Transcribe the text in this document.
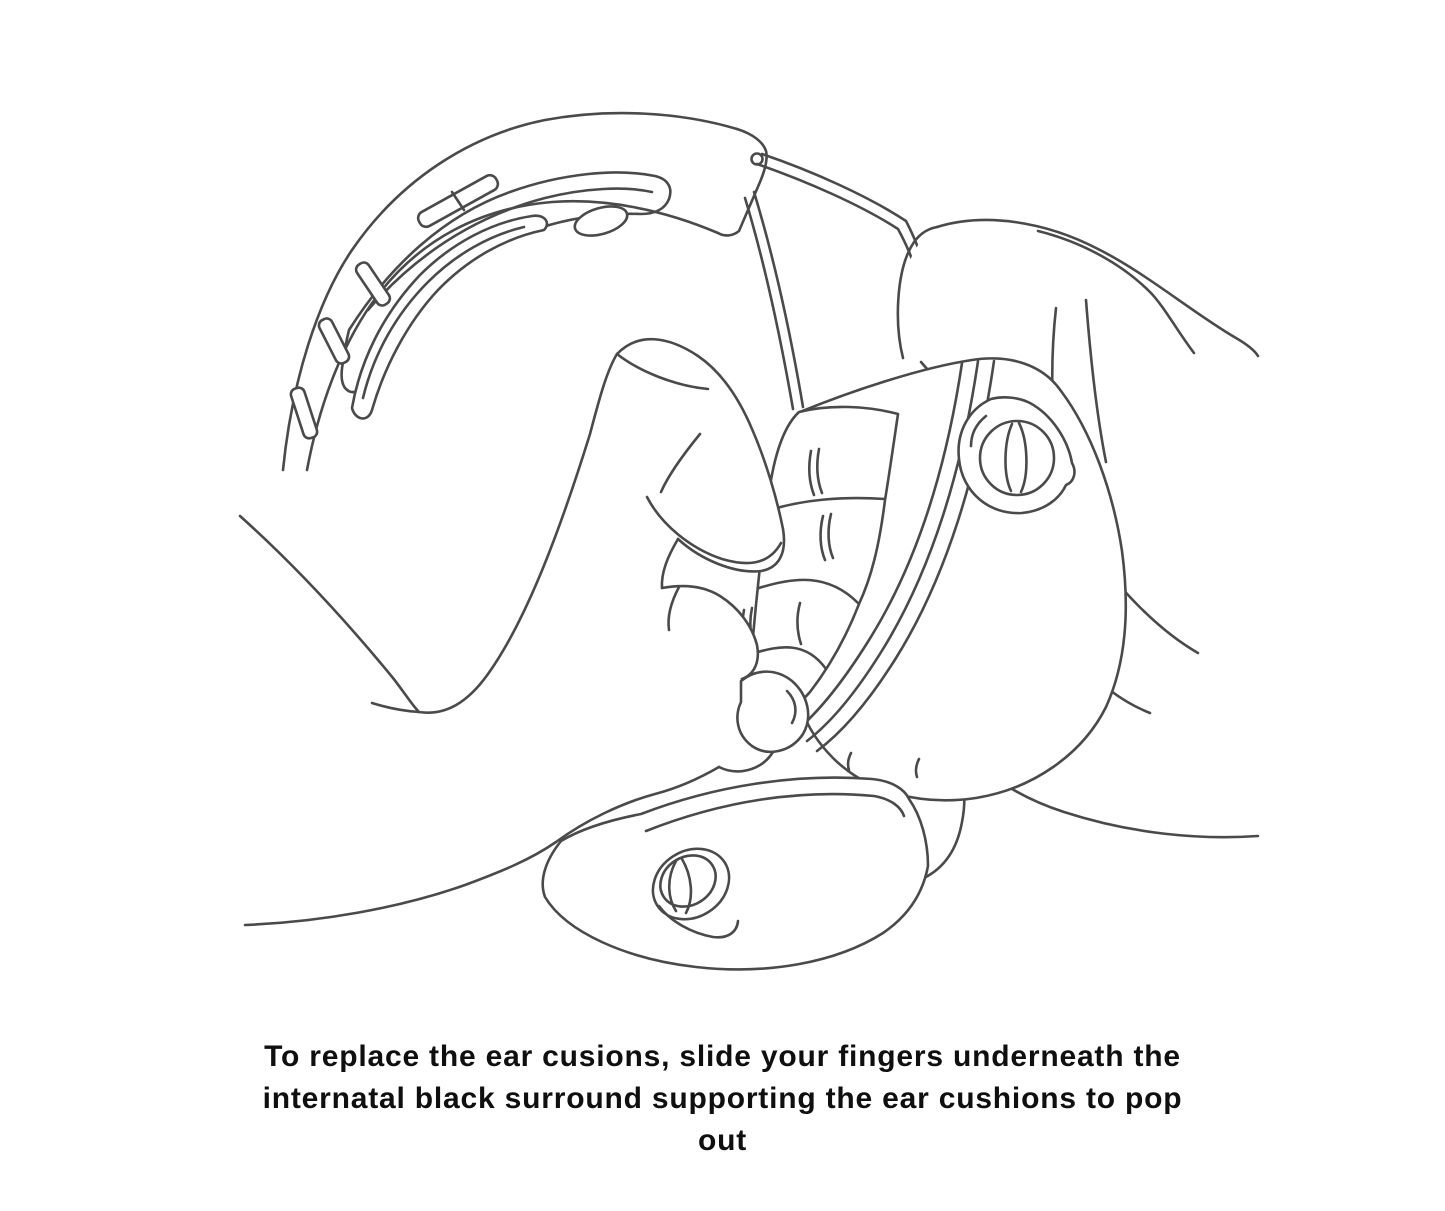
To replace the ear cusions, slide your fingers underneath the
internatal black surround supporting the ear cushions to pop
out
